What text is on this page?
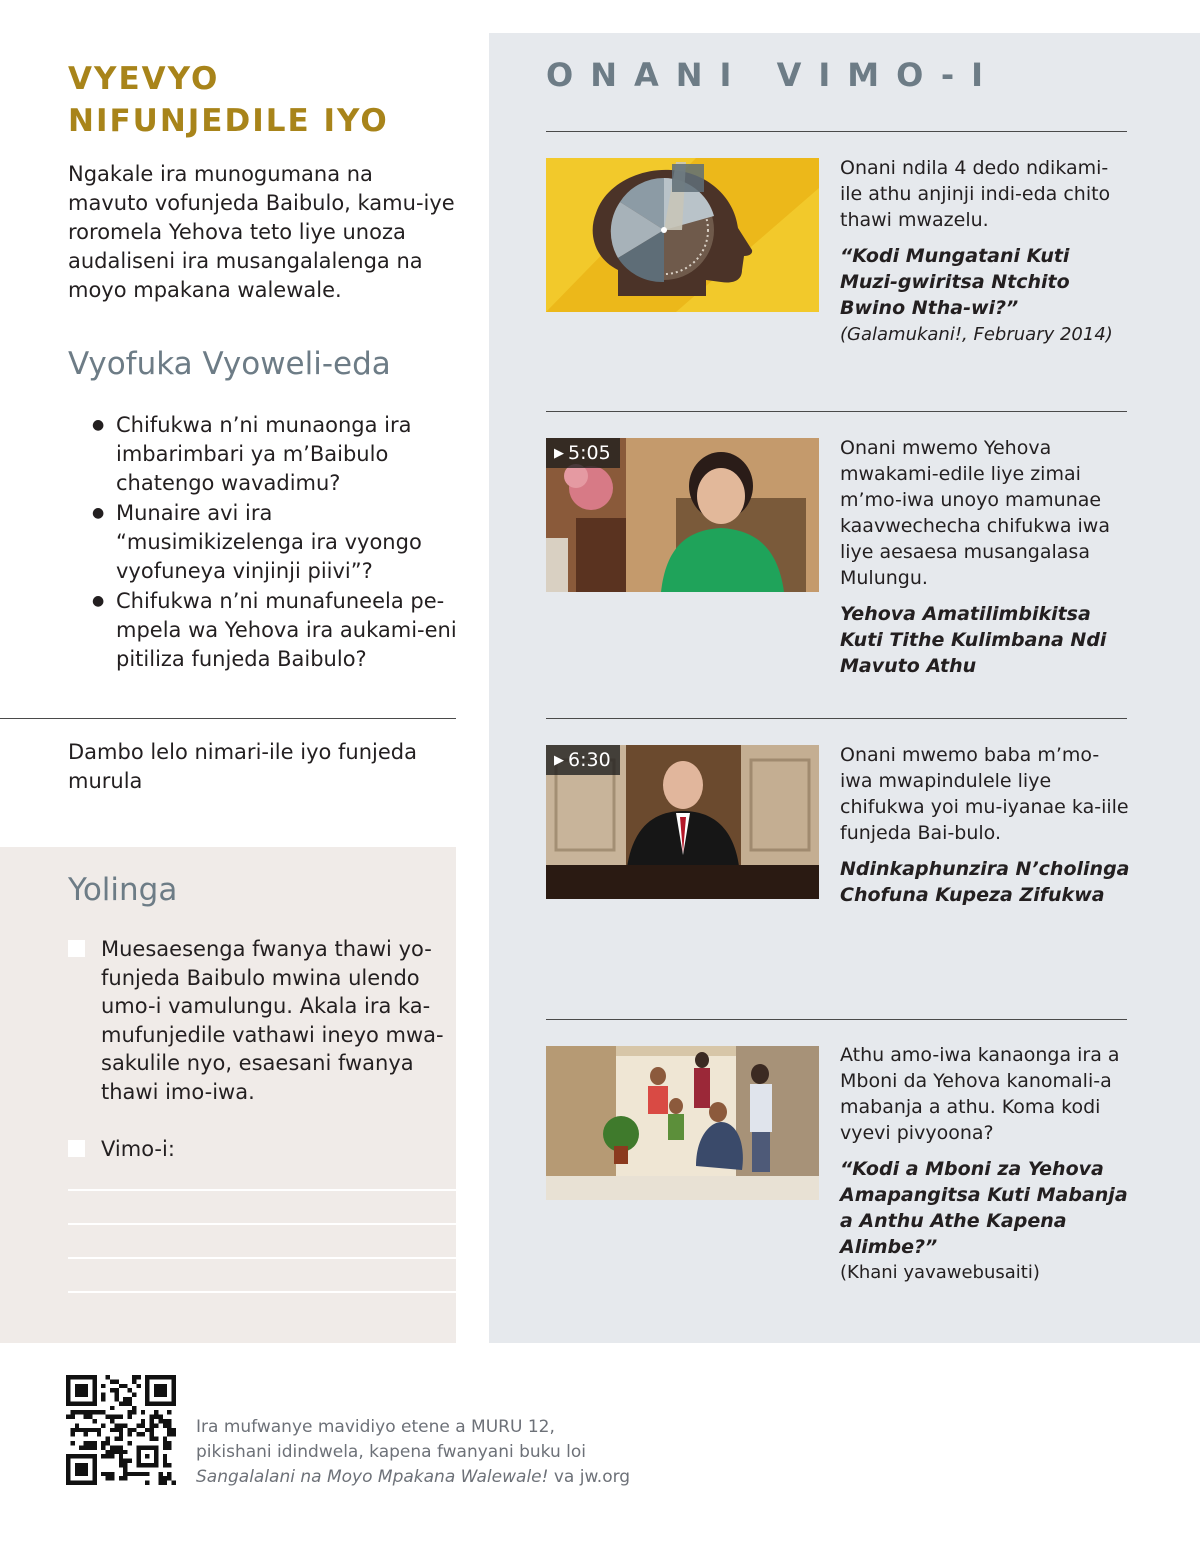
VYEVYO NIFUNJEDILE IYO

Ngakale ira munogumana na mavuto vofunjeda Baibulo, kamu-iye roromela Yehova teto liye unoza audaliseni ira musangalalenga na moyo mpakana walewale.

Vyofuka Vyoweli-eda
● Chifukwa n’ni munaonga ira imbarimbari ya m’Baibulo chatengo wavadimu?
● Munaire avi ira “musimikizelenga ira vyongo vyofuneya vinjinji piivi”?
● Chifukwa n’ni munafuneela pe-mpela wa Yehova ira aukami-eni pitiliza funjeda Baibulo?

Dambo lelo nimari-ile iyo funjeda murula

Yolinga
Muesaesenga fwanya thawi yo-funjeda Baibulo mwina ulendo umo-i vamulungu. Akala ira ka-mufunjedile vathawi ineyo mwa-sakulile nyo, esaesani fwanya thawi imo-iwa.
Vimo-i:
ONANI VIMO-I
Onani ndila 4 dedo ndikami-ile athu anjinji indi-eda chito thawi mwazelu.
“Kodi Mungatani Kuti Muzi-gwiritsa Ntchito Bwino Ntha-wi?” (Galamukani!, February 2014)
▶ 5:05	Onani mwemo Yehova mwakami-edile liye zimai m’mo-iwa unoyo mamunae kaavwechecha chifukwa iwa liye aesaesa musangalasa Mulungu.
Yehova Amatilimbikitsa Kuti Tithe Kulimbana Ndi Mavuto Athu
▶ 6:30	Onani mwemo baba m’mo-iwa mwapindulele liye chifukwa yoi mu-iyanae ka-iile funjeda Bai-bulo.
Ndinkaphunzira N’cholinga Chofuna Kupeza Zifukwa
Athu amo-iwa kanaonga ira a Mboni da Yehova kanomali-a mabanja a athu. Koma kodi vyevi pivyoona?
“Kodi a Mboni za Yehova Amapangitsa Kuti Mabanja a Anthu Athe Kapena Alimbe?”
(Khani yavawebusaiti)
Ira mufwanye mavidiyo etene a MURU 12,
pikishani idindwela, kapena fwanyani buku loi
Sangalalani na Moyo Mpakana Walewale! va jw.org
